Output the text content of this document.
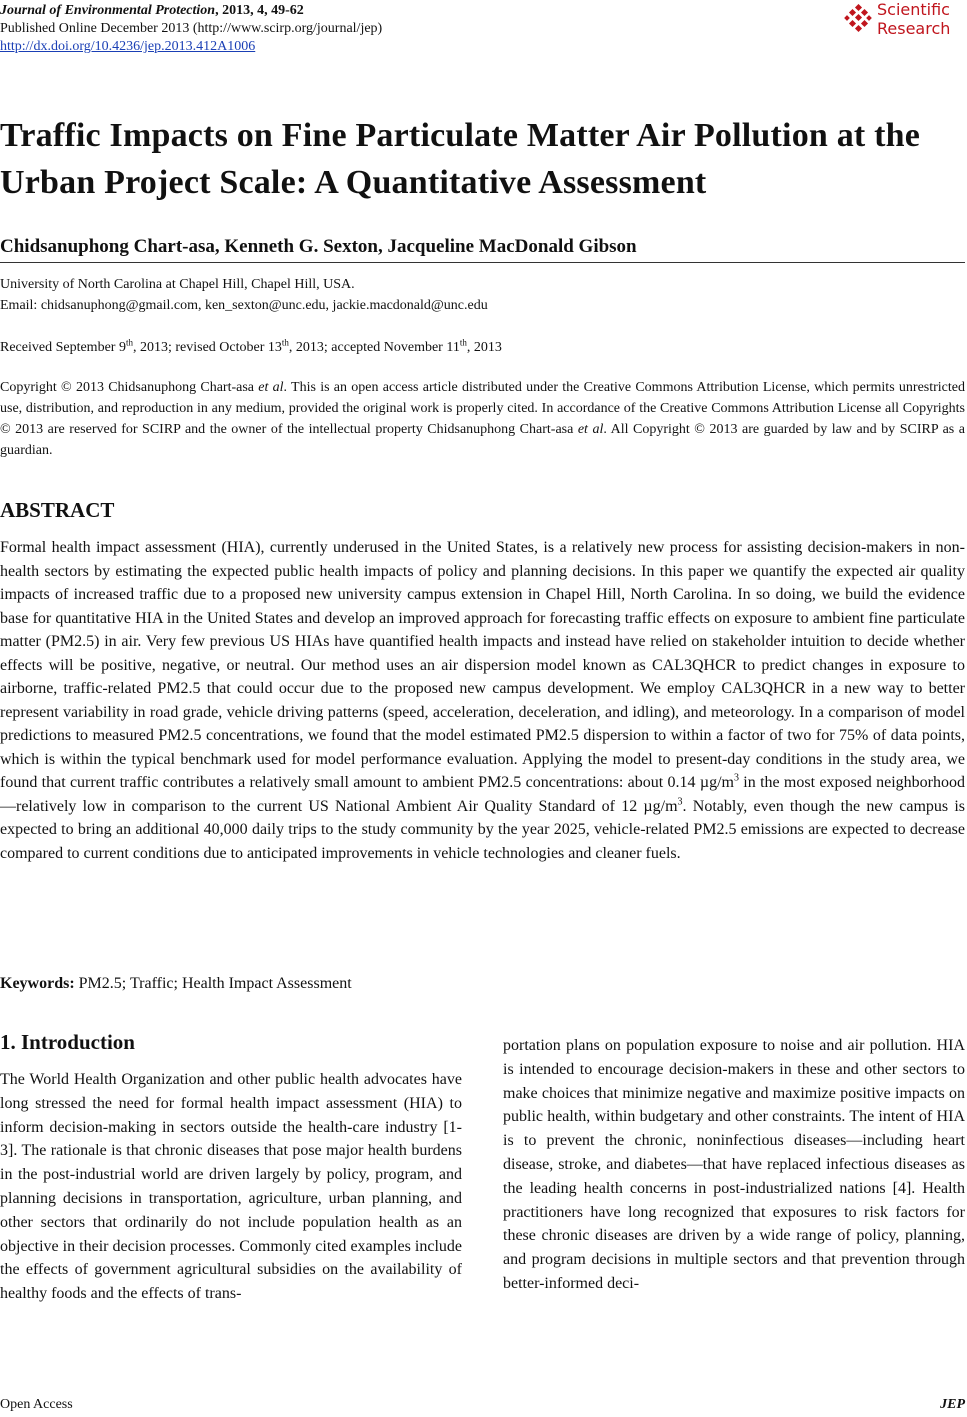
Journal of Environmental Protection, 2013, 4, 49-62
Published Online December 2013 (http://www.scirp.org/journal/jep)
http://dx.doi.org/10.4236/jep.2013.412A1006
Scientific
Research
Traffic Impacts on Fine Particulate Matter Air Pollution at the Urban Project Scale: A Quantitative Assessment
Chidsanuphong Chart-asa, Kenneth G. Sexton, Jacqueline MacDonald Gibson
University of North Carolina at Chapel Hill, Chapel Hill, USA.
Email: chidsanuphong@gmail.com, ken_sexton@unc.edu, jackie.macdonald@unc.edu
Received September 9th, 2013; revised October 13th, 2013; accepted November 11th, 2013
Copyright © 2013 Chidsanuphong Chart-asa et al. This is an open access article distributed under the Creative Commons Attribution License, which permits unrestricted use, distribution, and reproduction in any medium, provided the original work is properly cited. In accordance of the Creative Commons Attribution License all Copyrights © 2013 are reserved for SCIRP and the owner of the intellectual property Chidsanuphong Chart-asa et al. All Copyright © 2013 are guarded by law and by SCIRP as a guardian.
ABSTRACT
Formal health impact assessment (HIA), currently underused in the United States, is a relatively new process for assisting decision-makers in non-health sectors by estimating the expected public health impacts of policy and planning decisions. In this paper we quantify the expected air quality impacts of increased traffic due to a proposed new university campus extension in Chapel Hill, North Carolina. In so doing, we build the evidence base for quantitative HIA in the United States and develop an improved approach for forecasting traffic effects on exposure to ambient fine particulate matter (PM2.5) in air. Very few previous US HIAs have quantified health impacts and instead have relied on stakeholder intuition to decide whether effects will be positive, negative, or neutral. Our method uses an air dispersion model known as CAL3QHCR to predict changes in exposure to airborne, traffic-related PM2.5 that could occur due to the proposed new campus development. We employ CAL3QHCR in a new way to better represent variability in road grade, vehicle driving patterns (speed, acceleration, deceleration, and idling), and meteorology. In a comparison of model predictions to measured PM2.5 concentrations, we found that the model estimated PM2.5 dispersion to within a factor of two for 75% of data points, which is within the typical benchmark used for model performance evaluation. Applying the model to present-day conditions in the study area, we found that current traffic contributes a relatively small amount to ambient PM2.5 concentrations: about 0.14 $\mu g/m^3$ in the most exposed neighborhood—relatively low in comparison to the current US National Ambient Air Quality Standard of 12 $\mu g/m^3$. Notably, even though the new campus is expected to bring an additional 40,000 daily trips to the study community by the year 2025, vehicle-related PM2.5 emissions are expected to decrease compared to current conditions due to anticipated improvements in vehicle technologies and cleaner fuels.
Keywords: PM2.5; Traffic; Health Impact Assessment
1. Introduction
The World Health Organization and other public health advocates have long stressed the need for formal health impact assessment (HIA) to inform decision-making in sectors outside the health-care industry [1-3]. The rationale is that chronic diseases that pose major health burdens in the post-industrial world are driven largely by policy, program, and planning decisions in transportation, agriculture, urban planning, and other sectors that ordinarily do not include population health as an objective in their decision processes. Commonly cited examples include the effects of government agricultural subsidies on the availability of healthy foods and the effects of trans-
portation plans on population exposure to noise and air pollution. HIA is intended to encourage decision-makers in these and other sectors to make choices that minimize negative and maximize positive impacts on public health, within budgetary and other constraints. The intent of HIA is to prevent the chronic, noninfectious diseases—including heart disease, stroke, and diabetes—that have replaced infectious diseases as the leading health concerns in post-industrialized nations [4]. Health practitioners have long recognized that exposures to risk factors for these chronic diseases are driven by a wide range of policy, planning, and program decisions in multiple sectors and that prevention through better-informed deci-
Open Access	JEP
